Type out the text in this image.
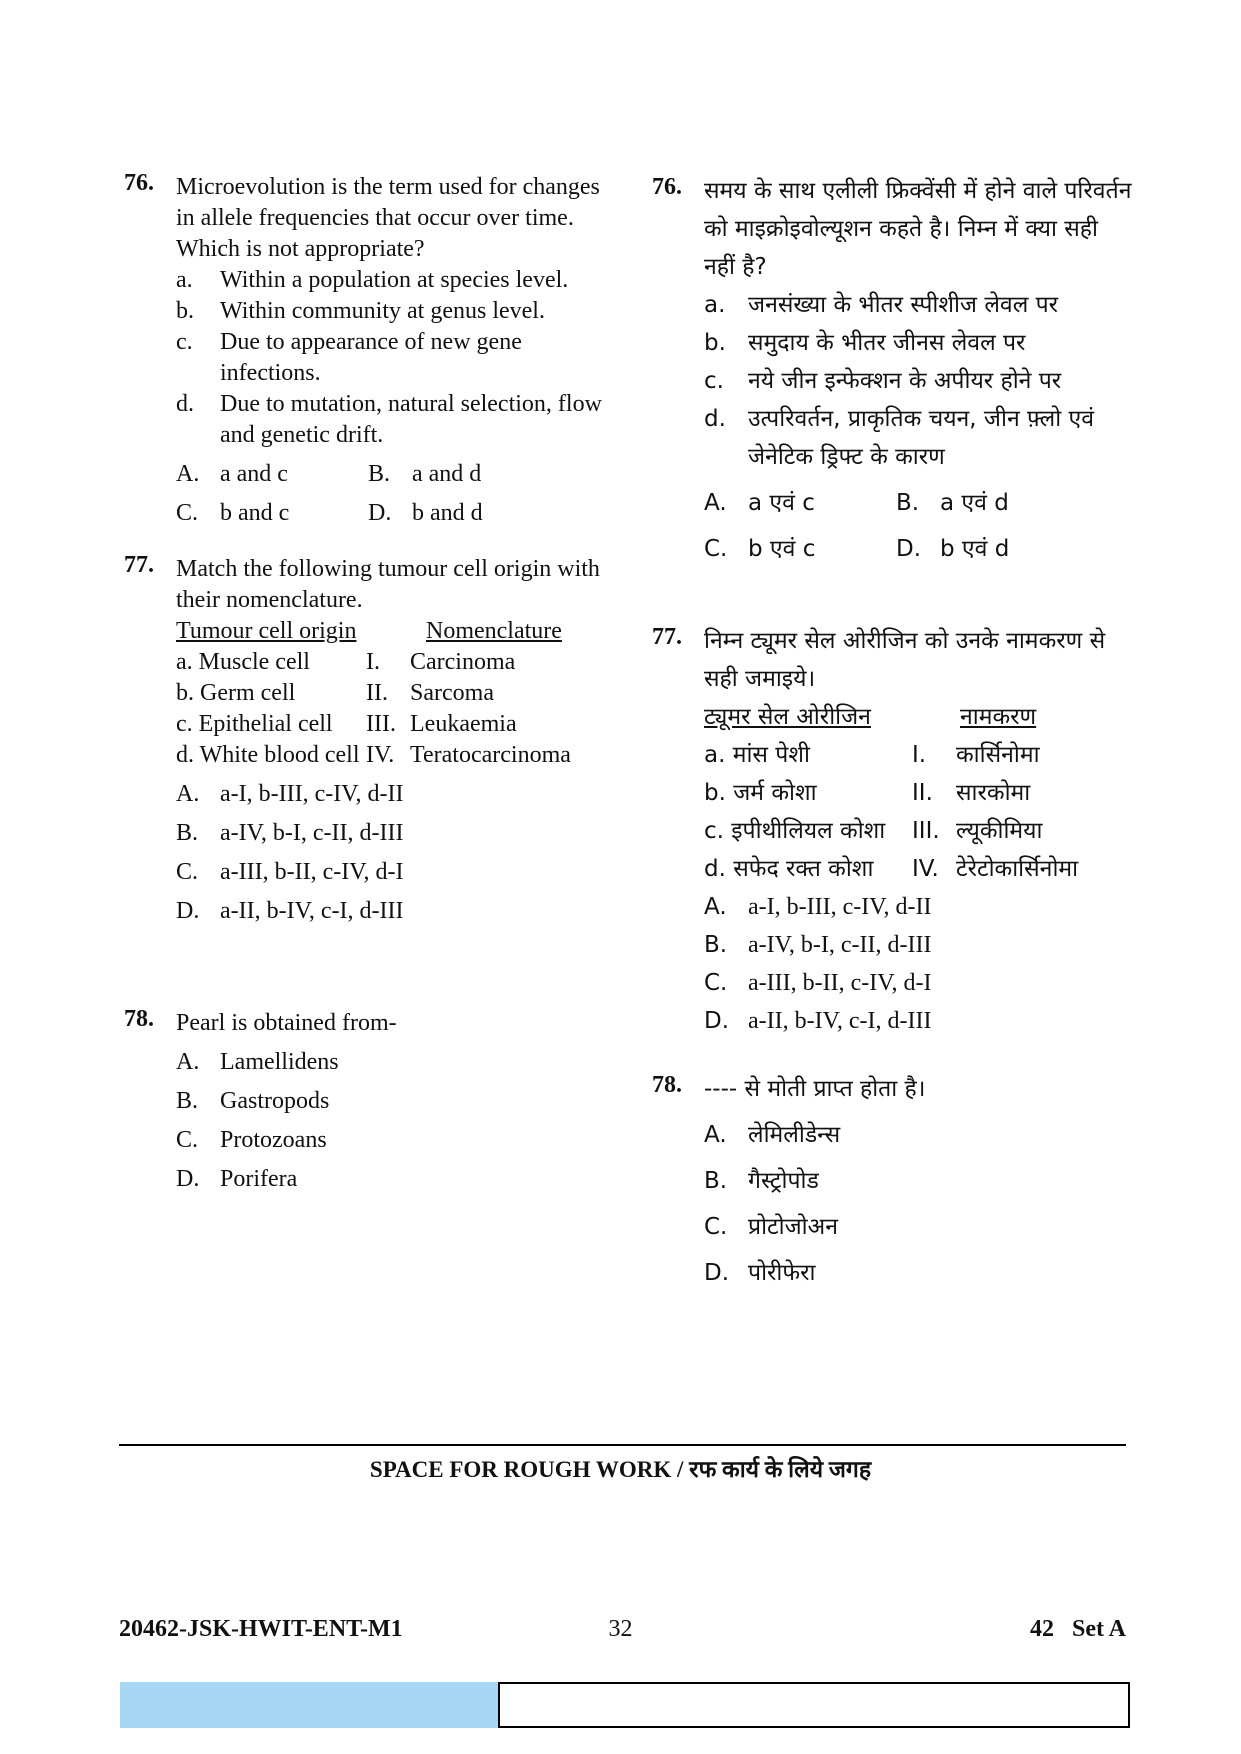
76. Microevolution is the term used for changes in allele frequencies that occur over time. Which is not appropriate?

a.	Within a population at species level.
b.	Within community at genus level.
c.	Due to appearance of new gene infections.
d.	Due to mutation, natural selection, flow and genetic drift.
A. a and c	B. a and d
C. b and c	D. b and d
77. Match the following tumour cell origin with their nomenclature.

Tumour cell origin	Nomenclature
a. Muscle cell	I.	Carcinoma
b. Germ cell	II. Sarcoma
c. Epithelial cell	III. Leukaemia
d. White blood cell IV. Teratocarcinoma
A. a-I, b-III, c-IV, d-II
B. a-IV, b-I, c-II, d-III
C. a-III, b-II, c-IV, d-I
D. a-II, b-IV, c-I, d-III
78. Pearl is obtained from-

A. Lamellidens
B. Gastropods
C. Protozoans
D. Porifera
76. समय के साथ एलीली फ्रिक्वेंसी में होने वाले परिवर्तन को माइक्रोइवोल्यूशन कहते है। निम्न में क्या सही नहीं है?

a. जनसंख्या के भीतर स्पीशीज लेवल पर
b. समुदाय के भीतर जीनस लेवल पर
c.	नये जीन इन्फेक्शन के अपीयर होने पर
d. उत्परिवर्तन, प्राकृतिक चयन, जीन फ़्लो एवं जेनेटिक ड्रिफ्ट के कारण
A. a एवं c	B. a एवं d
C. b एवं c	D. b एवं d
77. निम्न ट्यूमर सेल ओरीजिन को उनके नामकरण से सही जमाइये।

ट्यूमर सेल ओरीजिन	नामकरण
a. मांस पेशी	I.	कार्सिनोमा
b. जर्म कोशा	II.	सारकोमा
c. इपीथीलियल कोशा	III. ल्यूकीमिया
d. सफेद रक्त कोशा	IV. टेरेटोकार्सिनोमा
A. a-I, b-III, c-IV, d-II
B. a-IV, b-I, c-II, d-III
C. a-III, b-II, c-IV, d-I
D. a-II, b-IV, c-I, d-III
78. ---- से मोती प्राप्त होता है।

A. लेमिलीडेन्स
B. गैस्ट्रोपोड
C. प्रोटोजोअन
D. पोरीफेरा
SPACE FOR ROUGH WORK / रफ कार्य के लिये जगह
20462-JSK-HWIT-ENT-M1	32	42   Set A
